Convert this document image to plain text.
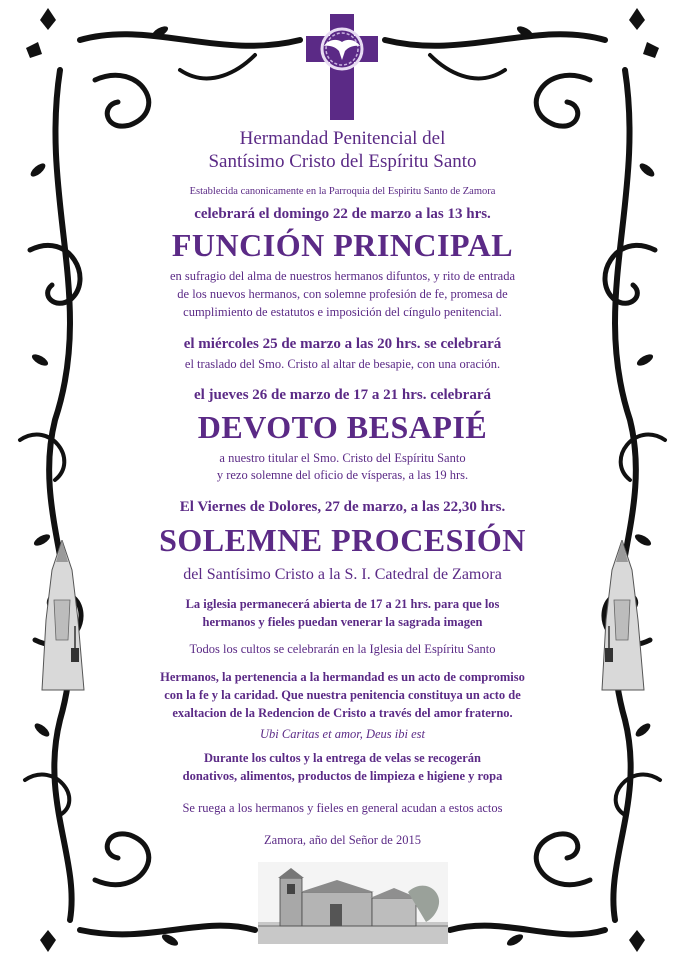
Hermandad Penitencial del
Santísimo Cristo del Espíritu Santo
Establecida canonicamente en la Parroquia del Espiritu Santo de Zamora
celebrará el domingo 22 de marzo a las 13 hrs.
FUNCIÓN PRINCIPAL
en sufragio del alma de nuestros hermanos difuntos, y rito de entrada
de los nuevos hermanos, con solemne profesión de fe, promesa de
cumplimiento de estatutos e imposición del cíngulo penitencial.
el miércoles 25 de marzo a las 20 hrs. se celebrará
el traslado del Smo. Cristo al altar de besapie, con una oración.
el jueves 26 de marzo de 17 a 21 hrs. celebrará
DEVOTO BESAPIÉ
a nuestro titular el Smo. Cristo del Espíritu Santo
y rezo solemne del oficio de vísperas, a las 19 hrs.
El Viernes de Dolores, 27 de marzo, a las 22,30 hrs.
SOLEMNE PROCESIÓN
del Santísimo Cristo a la S. I. Catedral de Zamora
La iglesia permanecerá abierta de 17 a 21 hrs. para que los
hermanos y fieles puedan venerar la sagrada imagen
Todos los cultos se celebrarán en la Iglesia del Espíritu Santo
Hermanos, la pertenencia a la hermandad es un acto de compromiso
con la fe y la caridad. Que nuestra penitencia constituya un acto de
exaltacion de la Redencion de Cristo a través del amor fraterno.
Ubi Caritas et amor, Deus ibi est
Durante los cultos y la entrega de velas se recogerán
donativos, alimentos, productos de limpieza e higiene y ropa
Se ruega a los hermanos y fieles en general acudan a estos actos
Zamora, año del Señor de 2015
